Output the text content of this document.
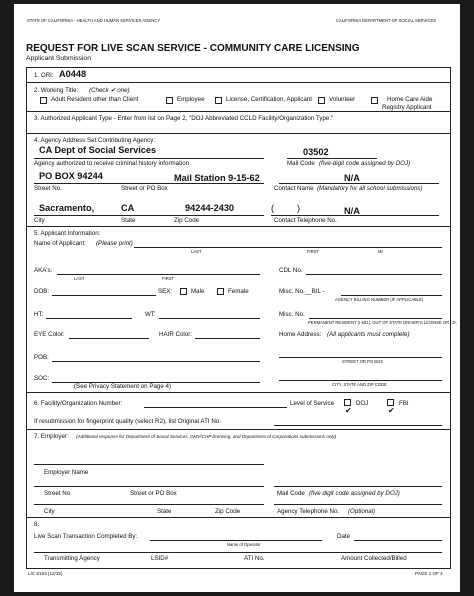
STATE OF CALIFORNIA - HEALTH AND HUMAN SERVICES AGENCY	CALIFORNIA DEPARTMENT OF SOCIAL SERVICES
REQUEST FOR LIVE SCAN SERVICE - COMMUNITY CARE LICENSING
Applicant Submission
1. ORI: A0448
2. Working Title: (Check ✔ one)
Adult Resident other than Client	Employee	License, Certification, Applicant	Volunteer	Home Care Aide
Registry Applicant
3. Authorized Applicant Type - Enter from list on Page 2, "DOJ Abbreviated CCLD Facility/Organization Type."
4. Agency Address Set Contributing Agency:
CA Dept of Social Services	03502
Agency authorized to receive criminal history information	Mail Code (five-digit code assigned by DOJ)
PO BOX 94244	Mail Station 9-15-62	N/A
Street No.	Street or PO Box	Contact Name (Mandatory for all school submissions)
Sacramento,	CA	94244-2430	( )	N/A
City	State	Zip Code	Contact Telephone No.
5. Applicant Information:
Name of Applicant: (Please print)
LAST	FIRST	MI
AKA's:
LAST	FIRST
CDL No.
DOB:	SEX:	Male	Female	Misc. No.__BIL -
AGENCY BILLING NUMBER (IF APPLICABLE)
HT:	WT:	Misc. No.
PERMANENT RESIDENT (I-551), OUT OF STATE DRIVER'S LICENSE OR I.D.
EYE Color:	HAIR Color:	Home Address: (All applicants must complete)
POB:
STREET OR PO BOX
SOC:
CITY, STATE AND ZIP CODE
(See Privacy Statement on Page 4)
6. Facility/Organization Number:	Level of Service
✔
DOJ
✔
FBI
If resubmission for fingerprint quality (select R2), list Original ATI No.
7. Employer: (Additional response for Department of Social Services, DMV/CHP licensing, and Department of Corporations submissions only)
Employer Name
Street No.	Street or PO Box	Mail Code (five digit code assigned by DOJ)
City	State	Zip Code	Agency Telephone No. (Optional)
8.
Live Scan Transaction Completed By:
Name of Operator
Date
Transmitting Agency	LSID#	ATI No.	Amount Collected/Billed
LIC 9163 (12/15)	PAGE 1 OF 4
